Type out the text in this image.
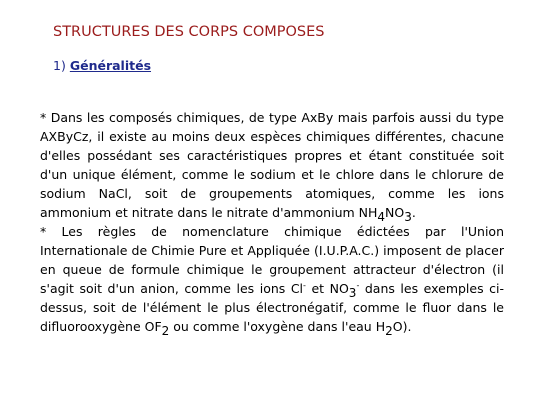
STRUCTURES DES CORPS COMPOSES
1) Généralités

* Dans les composés chimiques, de type AxBy mais parfois aussi du type AXByCz, il existe au moins deux espèces chimiques différentes, chacune d'elles possédant ses caractéristiques propres et étant constituée soit d'un unique élément, comme le sodium et le chlore dans le chlorure de sodium NaCl, soit de groupements atomiques, comme les ions ammonium et nitrate dans le nitrate d'ammonium NH4NO3.

* Les règles de nomenclature chimique édictées par l'Union Internationale de Chimie Pure et Appliquée (I.U.P.A.C.) imposent de placer en queue de formule chimique le groupement attracteur d'électron (il s'agit soit d'un anion, comme les ions Cl- et NO3- dans les exemples ci-dessus, soit de l'élément le plus électronégatif, comme le fluor dans le difluorooxygène OF2 ou comme l'oxygène dans l'eau H2O).
